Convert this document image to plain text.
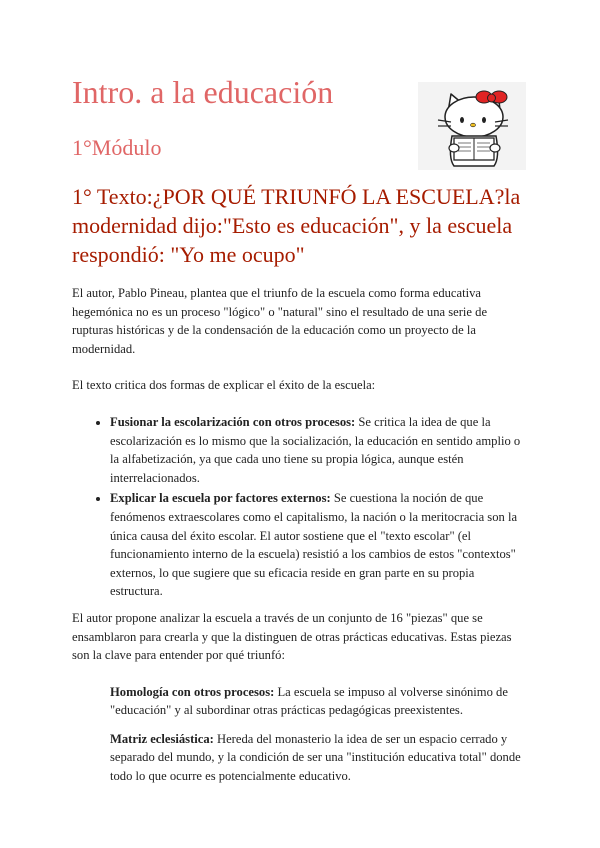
Intro. a la educación
1°Módulo
1° Texto:¿POR QUÉ TRIUNFÓ LA ESCUELA?la modernidad dijo:"Esto es educación", y la escuela respondió: "Yo me ocupo"

El autor, Pablo Pineau, plantea que el triunfo de la escuela como forma educativa hegemónica no es un proceso "lógico" o "natural" sino el resultado de una serie de rupturas históricas y de la condensación de la educación como un proyecto de la modernidad.

El texto critica dos formas de explicar el éxito de la escuela:

• Fusionar la escolarización con otros procesos: Se critica la idea de que la escolarización es lo mismo que la socialización, la educación en sentido amplio o la alfabetización, ya que cada uno tiene su propia lógica, aunque estén interrelacionados.
• Explicar la escuela por factores externos: Se cuestiona la noción de que fenómenos extraescolares como el capitalismo, la nación o la meritocracia son la única causa del éxito escolar. El autor sostiene que el "texto escolar" (el funcionamiento interno de la escuela) resistió a los cambios de estos "contextos" externos, lo que sugiere que su eficacia reside en gran parte en su propia estructura.

El autor propone analizar la escuela a través de un conjunto de 16 "piezas" que se ensamblaron para crearla y que la distinguen de otras prácticas educativas. Estas piezas son la clave para entender por qué triunfó:

Homología con otros procesos: La escuela se impuso al volverse sinónimo de "educación" y al subordinar otras prácticas pedagógicas preexistentes.

Matriz eclesiástica: Hereda del monasterio la idea de ser un espacio cerrado y separado del mundo, y la condición de ser una "institución educativa total" donde todo lo que ocurre es potencialmente educativo.
